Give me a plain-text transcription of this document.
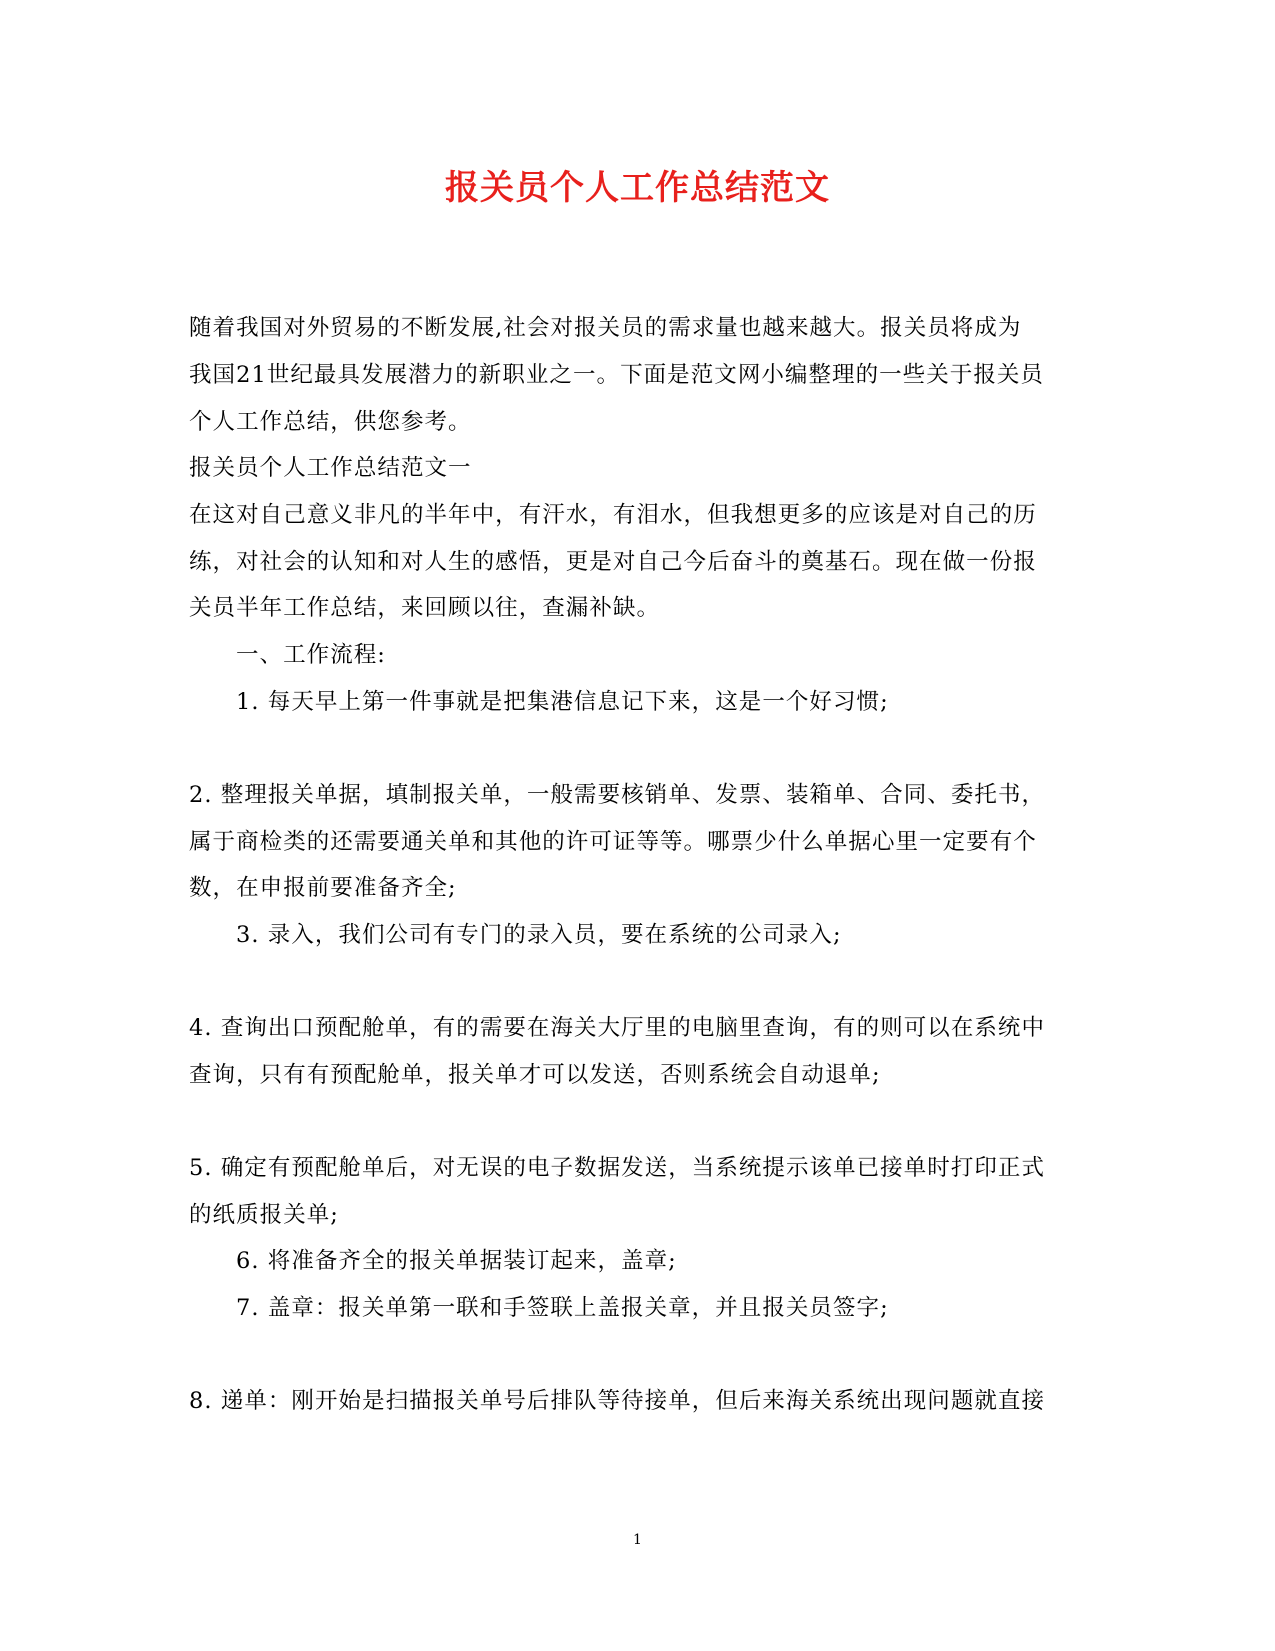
报关员个人工作总结范文
随着我国对外贸易的不断发展,社会对报关员的需求量也越来越大。报关员将成为
我国21世纪最具发展潜力的新职业之一。下面是范文网小编整理的一些关于报关员
个人工作总结，供您参考。
报关员个人工作总结范文一
在这对自己意义非凡的半年中，有汗水，有泪水，但我想更多的应该是对自己的历
练，对社会的认知和对人生的感悟，更是对自己今后奋斗的奠基石。现在做一份报
关员半年工作总结，来回顾以往，查漏补缺。
一、工作流程:
1. 每天早上第一件事就是把集港信息记下来，这是一个好习惯;
2. 整理报关单据，填制报关单，一般需要核销单、发票、装箱单、合同、委托书，
属于商检类的还需要通关单和其他的许可证等等。哪票少什么单据心里一定要有个
数，在申报前要准备齐全;
3. 录入，我们公司有专门的录入员，要在系统的公司录入;
4. 查询出口预配舱单，有的需要在海关大厅里的电脑里查询，有的则可以在系统中
查询，只有有预配舱单，报关单才可以发送，否则系统会自动退单;
5. 确定有预配舱单后，对无误的电子数据发送，当系统提示该单已接单时打印正式
的纸质报关单;
6. 将准备齐全的报关单据装订起来，盖章;
7. 盖章：报关单第一联和手签联上盖报关章，并且报关员签字;
8. 递单：刚开始是扫描报关单号后排队等待接单，但后来海关系统出现问题就直接
1
